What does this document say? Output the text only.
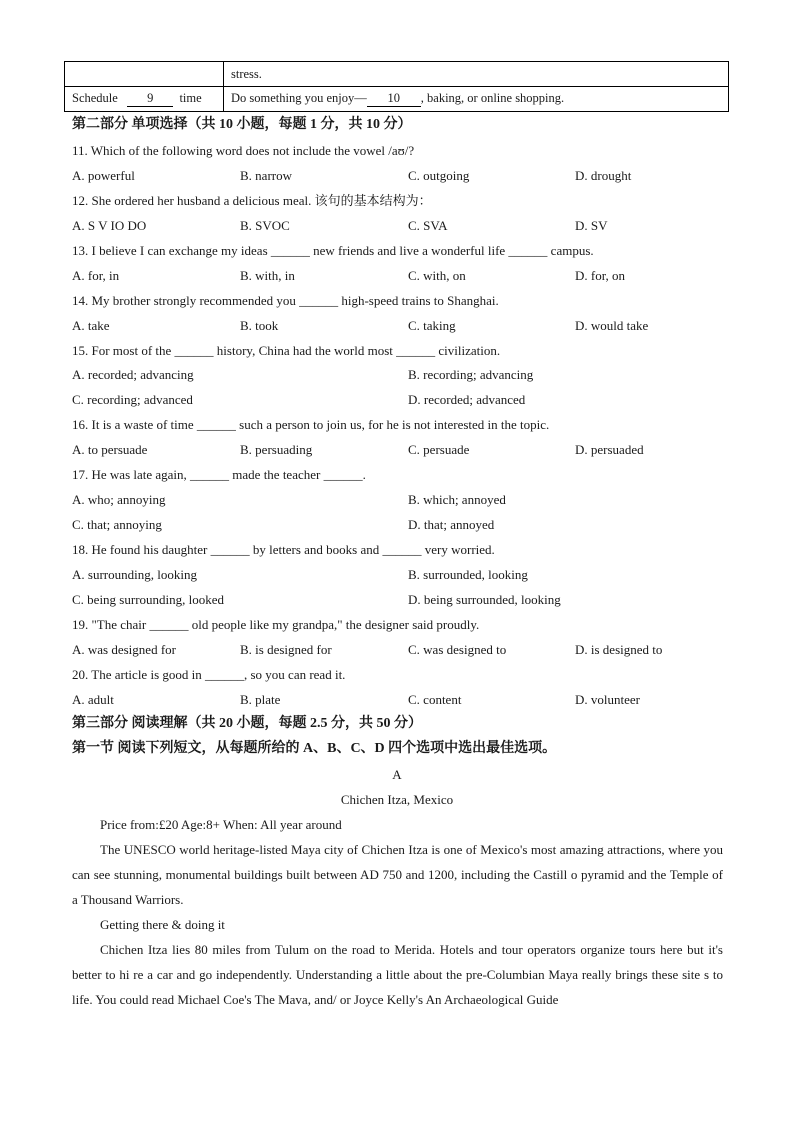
	stress.
Schedule 9 time	Do something you enjoy— 10 , baking, or online shopping.
第二部分 单项选择（共 10 小题，每题 1 分，共 10 分）
11. Which of the following word does not include the vowel /aʊ/?
A. powerful	B. narrow	C. outgoing	D. drought
12. She ordered her husband a delicious meal. 该句的基本结构为：
A. S V IO DO	B. SVOC	C. SVA	D. SV
13. I believe I can exchange my ideas ______ new friends and live a wonderful life ______ campus.
A. for, in	B. with, in	C. with, on	D. for, on
14. My brother strongly recommended you ______ high-speed trains to Shanghai.
A. take	B. took	C. taking	D. would take
15. For most of the ______ history, China had the world most ______ civilization.
A. recorded; advancing	B. recording; advancing
C. recording; advanced	D. recorded; advanced
16. It is a waste of time ______ such a person to join us, for he is not interested in the topic.
A. to persuade	B. persuading	C. persuade	D. persuaded
17. He was late again, ______ made the teacher ______.
A. who; annoying	B. which; annoyed
C. that; annoying	D. that; annoyed
18. He found his daughter ______ by letters and books and ______ very worried.
A. surrounding, looking	B. surrounded, looking
C. being surrounding, looked	D. being surrounded, looking
19. "The chair ______ old people like my grandpa," the designer said proudly.
A. was designed for	B. is designed for	C. was designed to	D. is designed to
20. The article is good in ______, so you can read it.
A. adult	B. plate	C. content	D. volunteer
第三部分 阅读理解（共 20 小题，每题 2.5 分，共 50 分）
第一节 阅读下列短文，从每题所给的 A、B、C、D 四个选项中选出最佳选项。
A
Chichen Itza, Mexico
Price from:£20 Age:8+ When: All year around
The UNESCO world heritage-listed Maya city of Chichen Itza is one of Mexico's most amazing attractions, where you can see stunning, monumental buildings built between AD 750 and 1200, including the Castill o pyramid and the Temple of a Thousand Warriors.
Getting there & doing it
Chichen Itza lies 80 miles from Tulum on the road to Merida. Hotels and tour operators organize tours here but it's better to hi re a car and go independently. Understanding a little about the pre-Columbian Maya really brings these site s to life. You could read Michael Coe's The Mava, and/ or Joyce Kelly's An Archaeological Guide
